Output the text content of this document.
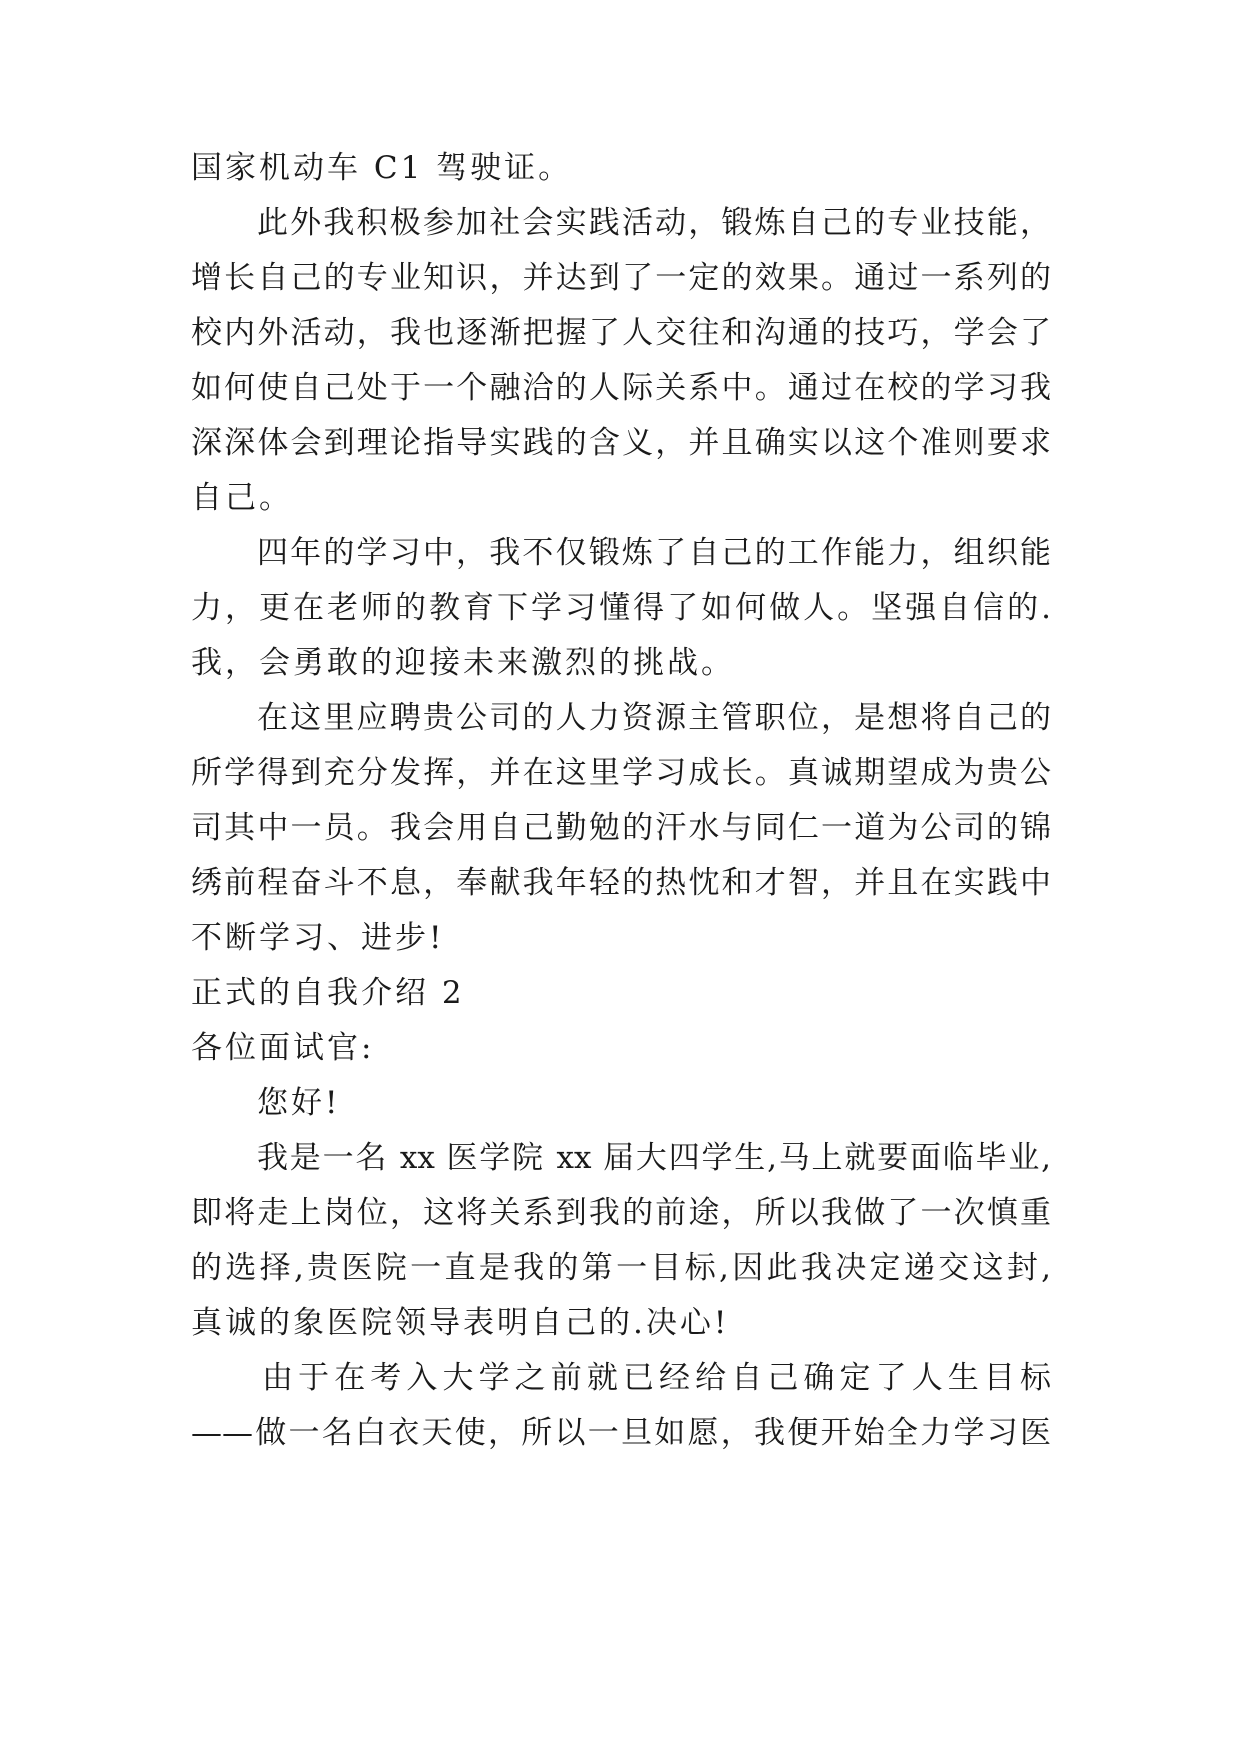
国家机动车 C1 驾驶证。
此外我积极参加社会实践活动，锻炼自己的专业技能，
增长自己的专业知识，并达到了一定的效果。通过一系列的
校内外活动，我也逐渐把握了人交往和沟通的技巧，学会了
如何使自己处于一个融洽的人际关系中。通过在校的学习我
深深体会到理论指导实践的含义，并且确实以这个准则要求
自己。
四年的学习中，我不仅锻炼了自己的工作能力，组织能
力，更在老师的教育下学习懂得了如何做人。坚强自信的.
我，会勇敢的迎接未来激烈的挑战。
在这里应聘贵公司的人力资源主管职位，是想将自己的
所学得到充分发挥，并在这里学习成长。真诚期望成为贵公
司其中一员。我会用自己勤勉的汗水与同仁一道为公司的锦
绣前程奋斗不息，奉献我年轻的热忱和才智，并且在实践中
不断学习、进步!
正式的自我介绍 2
各位面试官:
您好!
我是一名 xx 医学院 xx 届大四学生,马上就要面临毕业,
即将走上岗位，这将关系到我的前途，所以我做了一次慎重
的选择,贵医院一直是我的第一目标,因此我决定递交这封,
真诚的象医院领导表明自己的.决心!
由于在考入大学之前就已经给自己确定了人生目标
——做一名白衣天使，所以一旦如愿，我便开始全力学习医
